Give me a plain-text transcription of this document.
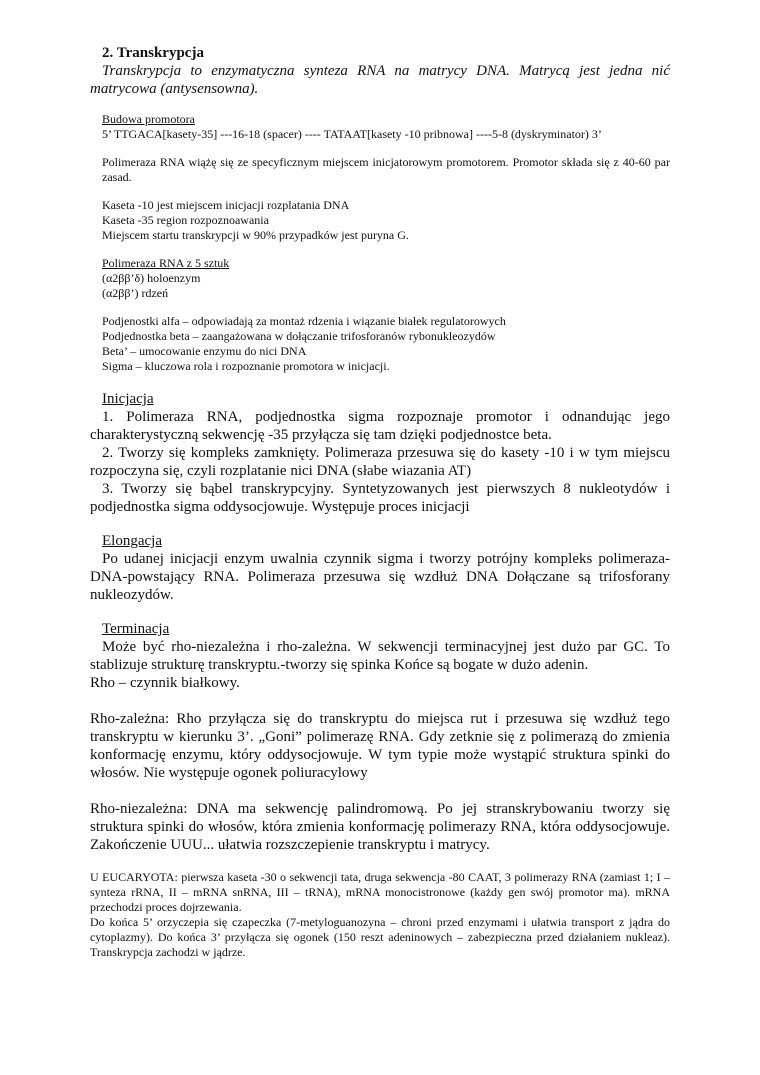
2. Transkrypcja

Transkrypcja to enzymatyczna synteza RNA na matrycy DNA. Matrycą jest jedna nić matrycowa (antysensowna).

Budowa promotora

5’ TTGACA[kasety-35] ---16-18 (spacer) ---- TATAAT[kasety -10 pribnowa] ----5-8 (dyskryminator) 3’

Polimeraza RNA wiążę się ze specyficznym miejscem inicjatorowym promotorem. Promotor składa się z 40-60 par zasad.

Kaseta -10 jest miejscem inicjacji rozplatania DNA

Kaseta -35 region rozpoznoawania

Miejscem startu transkrypcji w 90% przypadków jest puryna G.

Polimeraza RNA z 5 sztuk

(α2ββ’δ) holoenzym

(α2ββ’) rdzeń

Podjenostki alfa – odpowiadają za montaż rdzenia i wiązanie białek regulatorowych

Podjednostka beta – zaangażowana w dołączanie trifosforanów rybonukleozydów

Beta’ – umocowanie enzymu do nici DNA

Sigma – kluczowa rola i rozpoznanie promotora w inicjacji.

Inicjacja

1. Polimeraza RNA, podjednostka sigma rozpoznaje promotor i odnandując jego charakterystyczną sekwencję -35 przyłącza się tam dzięki podjednostce beta.

2. Tworzy się kompleks zamknięty. Polimeraza przesuwa się do kasety -10 i w tym miejscu rozpoczyna się, czyli rozplatanie nici DNA (słabe wiazania AT)

3. Tworzy się bąbel transkrypcyjny. Syntetyzowanych jest pierwszych 8 nukleotydów i podjednostka sigma oddysocjowuje. Występuje proces inicjacji

Elongacja

Po udanej inicjacji enzym uwalnia czynnik sigma i tworzy potrójny kompleks polimeraza-DNA-powstający RNA. Polimeraza przesuwa się wzdłuż DNA Dołączane są trifosforany nukleozydów.

Terminacja

Może być rho-niezależna i rho-zależna. W sekwencji terminacyjnej jest dużo par GC. To stablizuje strukturę transkryptu.-tworzy się spinka Końce są bogate w dużo adenin.

Rho – czynnik białkowy.

Rho-zależna: Rho przyłącza się do transkryptu do miejsca rut i przesuwa się wzdłuż tego transkryptu w kierunku 3’. „Goni” polimerazę RNA. Gdy zetknie się z polimerazą do zmienia konformację enzymu, który oddysocjowuje. W tym typie może wystąpić struktura spinki do włosów. Nie występuje ogonek poliuracylowy

Rho-niezależna: DNA ma sekwencję palindromową. Po jej stranskrybowaniu tworzy się struktura spinki do włosów, która zmienia konformację polimerazy RNA, która oddysocjowuje. Zakończenie UUU... ułatwia rozszczepienie transkryptu i matrycy.

U EUCARYOTA: pierwsza kaseta -30 o sekwencji tata, druga sekwencja -80 CAAT, 3 polimerazy RNA (zamiast 1; I – synteza rRNA, II – mRNA snRNA, III – tRNA), mRNA monocistronowe (każdy gen swój promotor ma). mRNA przechodzi proces dojrzewania.

Do końca 5’ orzyczepia się czapeczka (7-metyloguanozyna – chroni przed enzymami i ułatwia transport z jądra do cytoplazmy). Do końca 3’ przyłącza się ogonek (150 reszt adeninowych – zabezpieczna przed działaniem nukleaz). Transkrypcja zachodzi w jądrze.
